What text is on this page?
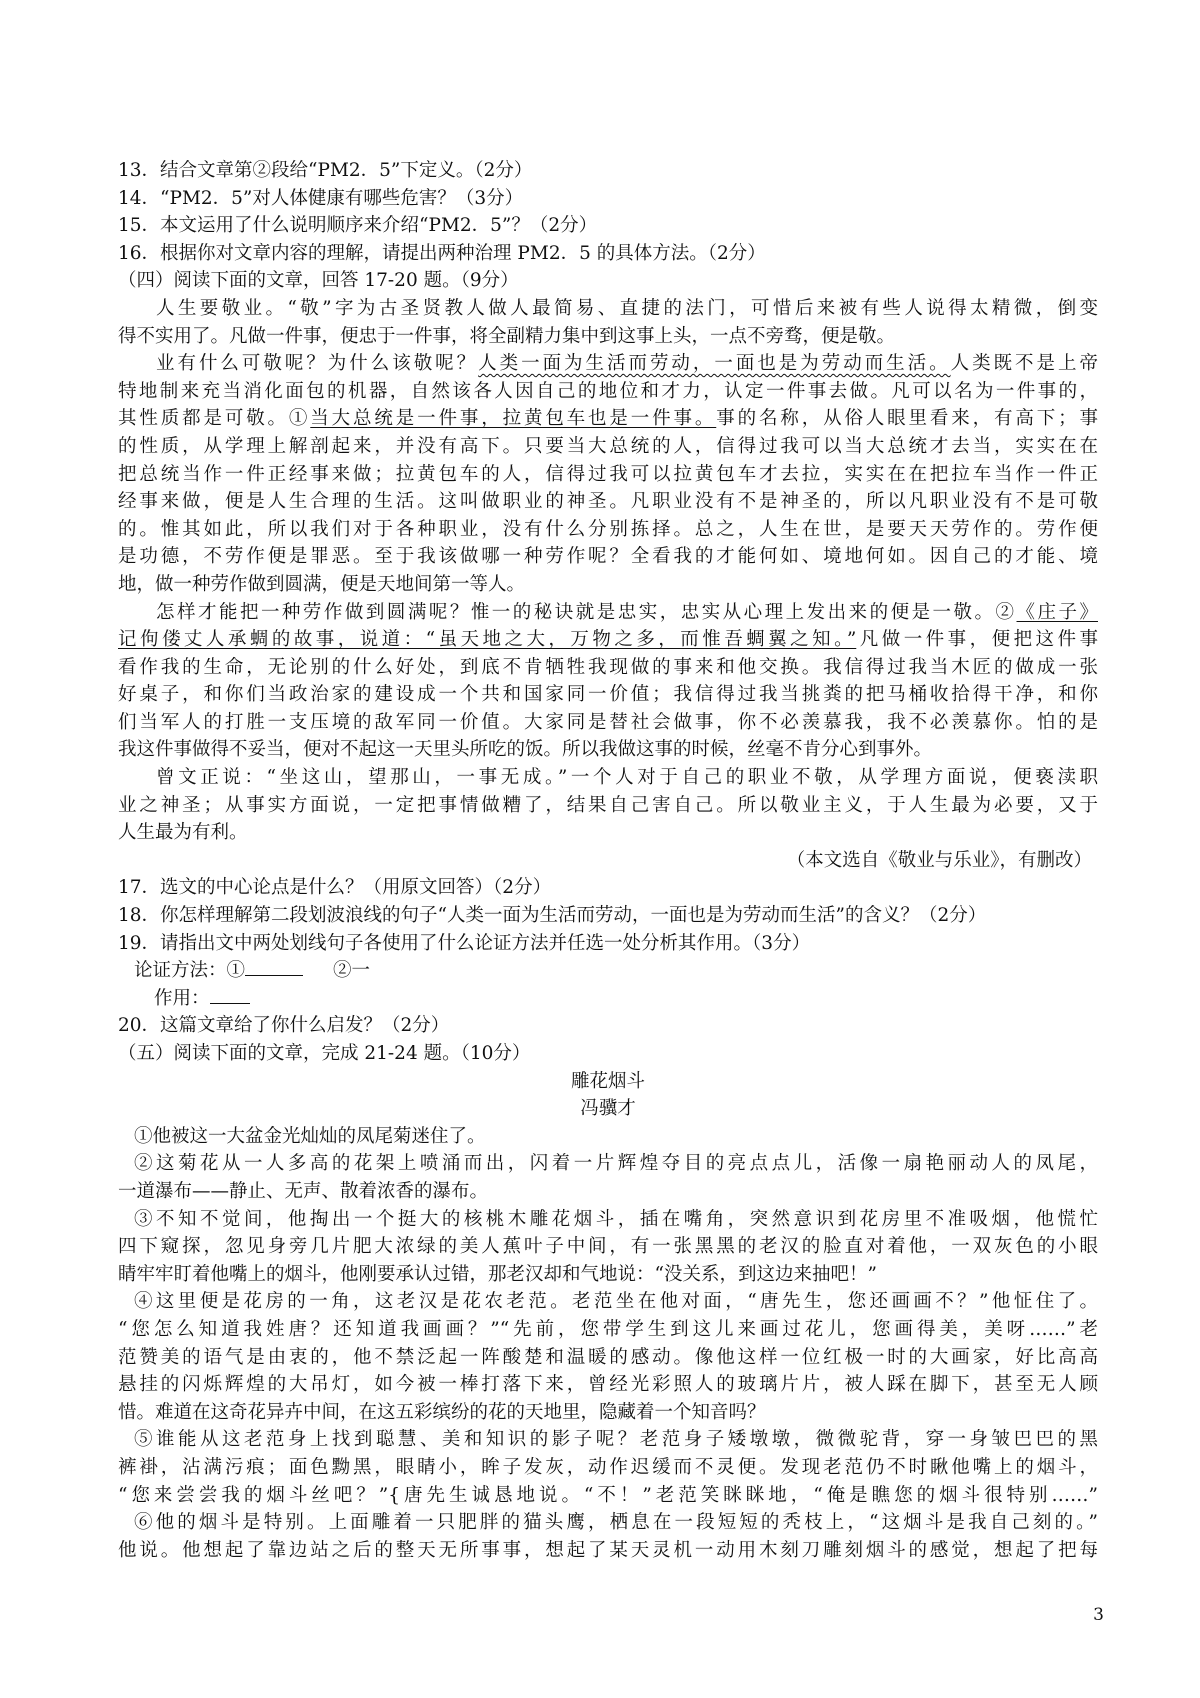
13．结合文章第②段给“PM2．5”下定义。（2分）
14．“PM2．5”对人体健康有哪些危害？（3分）
15．本文运用了什么说明顺序来介绍“PM2．5”？（2分）
16．根据你对文章内容的理解，请提出两种治理 PM2．5 的具体方法。（2分）
（四）阅读下面的文章，回答 17-20 题。（9分）
人生要敬业。“敬”字为古圣贤教人做人最简易、直捷的法门，可惜后来被有些人说得太精微，倒变
得不实用了。凡做一件事，便忠于一件事，将全副精力集中到这事上头，一点不旁骛，便是敬。
业有什么可敬呢？为什么该敬呢？人类一面为生活而劳动，一面也是为劳动而生活。人类既不是上帝
特地制来充当消化面包的机器，自然该各人因自己的地位和才力，认定一件事去做。凡可以名为一件事的，
其性质都是可敬。①当大总统是一件事，拉黄包车也是一件事。事的名称，从俗人眼里看来，有高下；事
的性质，从学理上解剖起来，并没有高下。只要当大总统的人，信得过我可以当大总统才去当，实实在在
把总统当作一件正经事来做；拉黄包车的人，信得过我可以拉黄包车才去拉，实实在在把拉车当作一件正
经事来做，便是人生合理的生活。这叫做职业的神圣。凡职业没有不是神圣的，所以凡职业没有不是可敬
的。惟其如此，所以我们对于各种职业，没有什么分别拣择。总之，人生在世，是要天天劳作的。劳作便
是功德，不劳作便是罪恶。至于我该做哪一种劳作呢？全看我的才能何如、境地何如。因自己的才能、境
地，做一种劳作做到圆满，便是天地间第一等人。
怎样才能把一种劳作做到圆满呢？惟一的秘诀就是忠实，忠实从心理上发出来的便是一敬。②《庄子》
记佝偻丈人承蜩的故事，说道：“虽天地之大，万物之多，而惟吾蜩翼之知。”凡做一件事，便把这件事
看作我的生命，无论别的什么好处，到底不肯牺牲我现做的事来和他交换。我信得过我当木匠的做成一张
好桌子，和你们当政治家的建设成一个共和国家同一价值；我信得过我当挑粪的把马桶收拾得干净，和你
们当军人的打胜一支压境的敌军同一价值。大家同是替社会做事，你不必羡慕我，我不必羡慕你。怕的是
我这件事做得不妥当，便对不起这一天里头所吃的饭。所以我做这事的时候，丝毫不肯分心到事外。
曾文正说：“坐这山，望那山，一事无成。”一个人对于自己的职业不敬，从学理方面说，便亵渎职
业之神圣；从事实方面说，一定把事情做糟了，结果自己害自己。所以敬业主义，于人生最为必要，又于
人生最为有利。
（本文选自《敬业与乐业》，有删改）
17．选文的中心论点是什么？（用原文回答）（2分）
18．你怎样理解第二段划波浪线的句子“人类一面为生活而劳动，一面也是为劳动而生活”的含义？（2分）
19．请指出文中两处划线句子各使用了什么论证方法并任选一处分析其作用。（3分）
论证方法：①	②一
作用：
20．这篇文章给了你什么启发？（2分）
（五）阅读下面的文章，完成 21-24 题。（10分）
雕花烟斗
冯骥才
①他被这一大盆金光灿灿的凤尾菊迷住了。
②这菊花从一人多高的花架上喷涌而出，闪着一片辉煌夺目的亮点点儿，活像一扇艳丽动人的凤尾，
一道瀑布——静止、无声、散着浓香的瀑布。
③不知不觉间，他掏出一个挺大的核桃木雕花烟斗，插在嘴角，突然意识到花房里不准吸烟，他慌忙
四下窥探，忽见身旁几片肥大浓绿的美人蕉叶子中间，有一张黑黑的老汉的脸直对着他，一双灰色的小眼
睛牢牢盯着他嘴上的烟斗，他刚要承认过错，那老汉却和气地说：“没关系，到这边来抽吧！”
④这里便是花房的一角，这老汉是花农老范。老范坐在他对面，“唐先生，您还画画不？”他怔住了。
“您怎么知道我姓唐？还知道我画画？”“先前，您带学生到这儿来画过花儿，您画得美，美呀……”老
范赞美的语气是由衷的，他不禁泛起一阵酸楚和温暖的感动。像他这样一位红极一时的大画家，好比高高
悬挂的闪烁辉煌的大吊灯，如今被一棒打落下来，曾经光彩照人的玻璃片片，被人踩在脚下，甚至无人顾
惜。难道在这奇花异卉中间，在这五彩缤纷的花的天地里，隐藏着一个知音吗？
⑤谁能从这老范身上找到聪慧、美和知识的影子呢？老范身子矮墩墩，微微驼背，穿一身皱巴巴的黑
裤褂，沾满污痕；面色黝黑，眼睛小，眸子发灰，动作迟缓而不灵便。发现老范仍不时瞅他嘴上的烟斗，
“您来尝尝我的烟斗丝吧？”{唐先生诚恳地说。“不！”老范笑眯眯地，“俺是瞧您的烟斗很特别……”
⑥他的烟斗是特别。上面雕着一只肥胖的猫头鹰，栖息在一段短短的秃枝上，“这烟斗是我自己刻的。”
他说。他想起了靠边站之后的整天无所事事，想起了某天灵机一动用木刻刀雕刻烟斗的感觉，想起了把每
3
